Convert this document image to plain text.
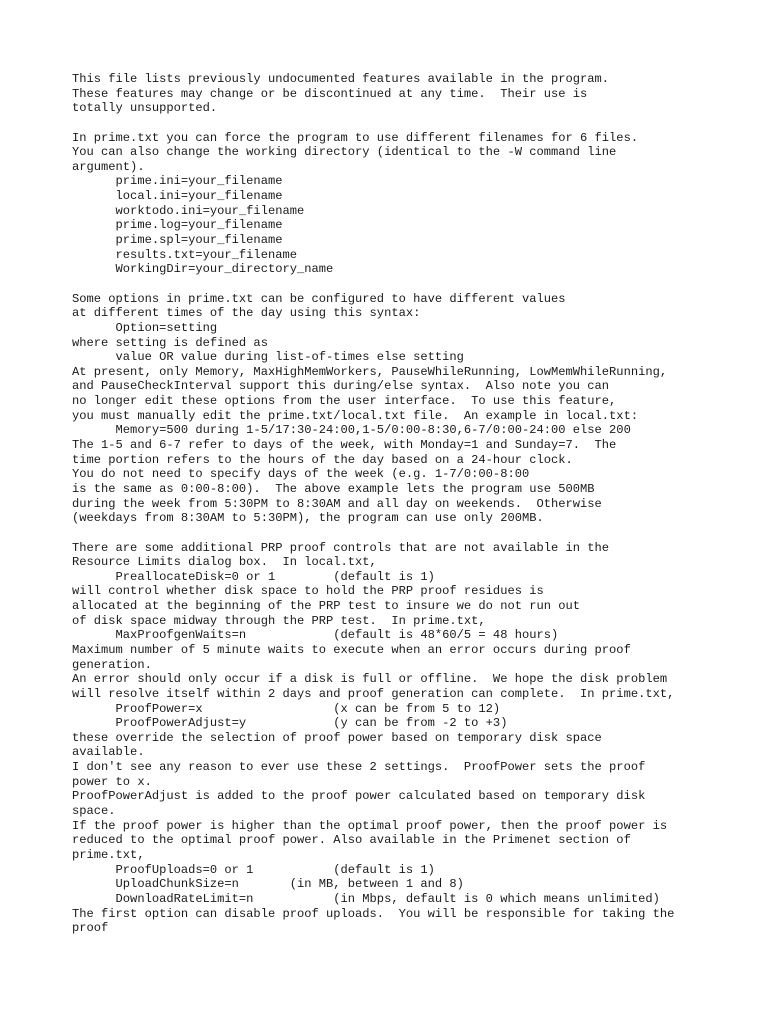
This file lists previously undocumented features available in the program.
These features may change or be discontinued at any time.  Their use is
totally unsupported.
In prime.txt you can force the program to use different filenames for 6 files.
You can also change the working directory (identical to the -W command line
argument).
prime.ini=your_filename
local.ini=your_filename
worktodo.ini=your_filename
prime.log=your_filename
prime.spl=your_filename
results.txt=your_filename
WorkingDir=your_directory_name
Some options in prime.txt can be configured to have different values
at different times of the day using this syntax:
Option=setting
where setting is defined as
value OR value during list-of-times else setting
At present, only Memory, MaxHighMemWorkers, PauseWhileRunning, LowMemWhileRunning,
and PauseCheckInterval support this during/else syntax.  Also note you can
no longer edit these options from the user interface.  To use this feature,
you must manually edit the prime.txt/local.txt file.  An example in local.txt:
Memory=500 during 1-5/17:30-24:00,1-5/0:00-8:30,6-7/0:00-24:00 else 200
The 1-5 and 6-7 refer to days of the week, with Monday=1 and Sunday=7.  The
time portion refers to the hours of the day based on a 24-hour clock.
You do not need to specify days of the week (e.g. 1-7/0:00-8:00
is the same as 0:00-8:00).  The above example lets the program use 500MB
during the week from 5:30PM to 8:30AM and all day on weekends.  Otherwise
(weekdays from 8:30AM to 5:30PM), the program can use only 200MB.
There are some additional PRP proof controls that are not available in the
Resource Limits dialog box.  In local.txt,
PreallocateDisk=0 or 1        (default is 1)
will control whether disk space to hold the PRP proof residues is
allocated at the beginning of the PRP test to insure we do not run out
of disk space midway through the PRP test.  In prime.txt,
MaxProofgenWaits=n            (default is 48*60/5 = 48 hours)
Maximum number of 5 minute waits to execute when an error occurs during proof
generation.
An error should only occur if a disk is full or offline.  We hope the disk problem
will resolve itself within 2 days and proof generation can complete.  In prime.txt,
ProofPower=x                  (x can be from 5 to 12)
ProofPowerAdjust=y            (y can be from -2 to +3)
these override the selection of proof power based on temporary disk space
available.
I don't see any reason to ever use these 2 settings.  ProofPower sets the proof
power to x.
ProofPowerAdjust is added to the proof power calculated based on temporary disk
space.
If the proof power is higher than the optimal proof power, then the proof power is
reduced to the optimal proof power. Also available in the Primenet section of
prime.txt,
ProofUploads=0 or 1           (default is 1)
UploadChunkSize=n       (in MB, between 1 and 8)
DownloadRateLimit=n           (in Mbps, default is 0 which means unlimited)
The first option can disable proof uploads.  You will be responsible for taking the
proof
